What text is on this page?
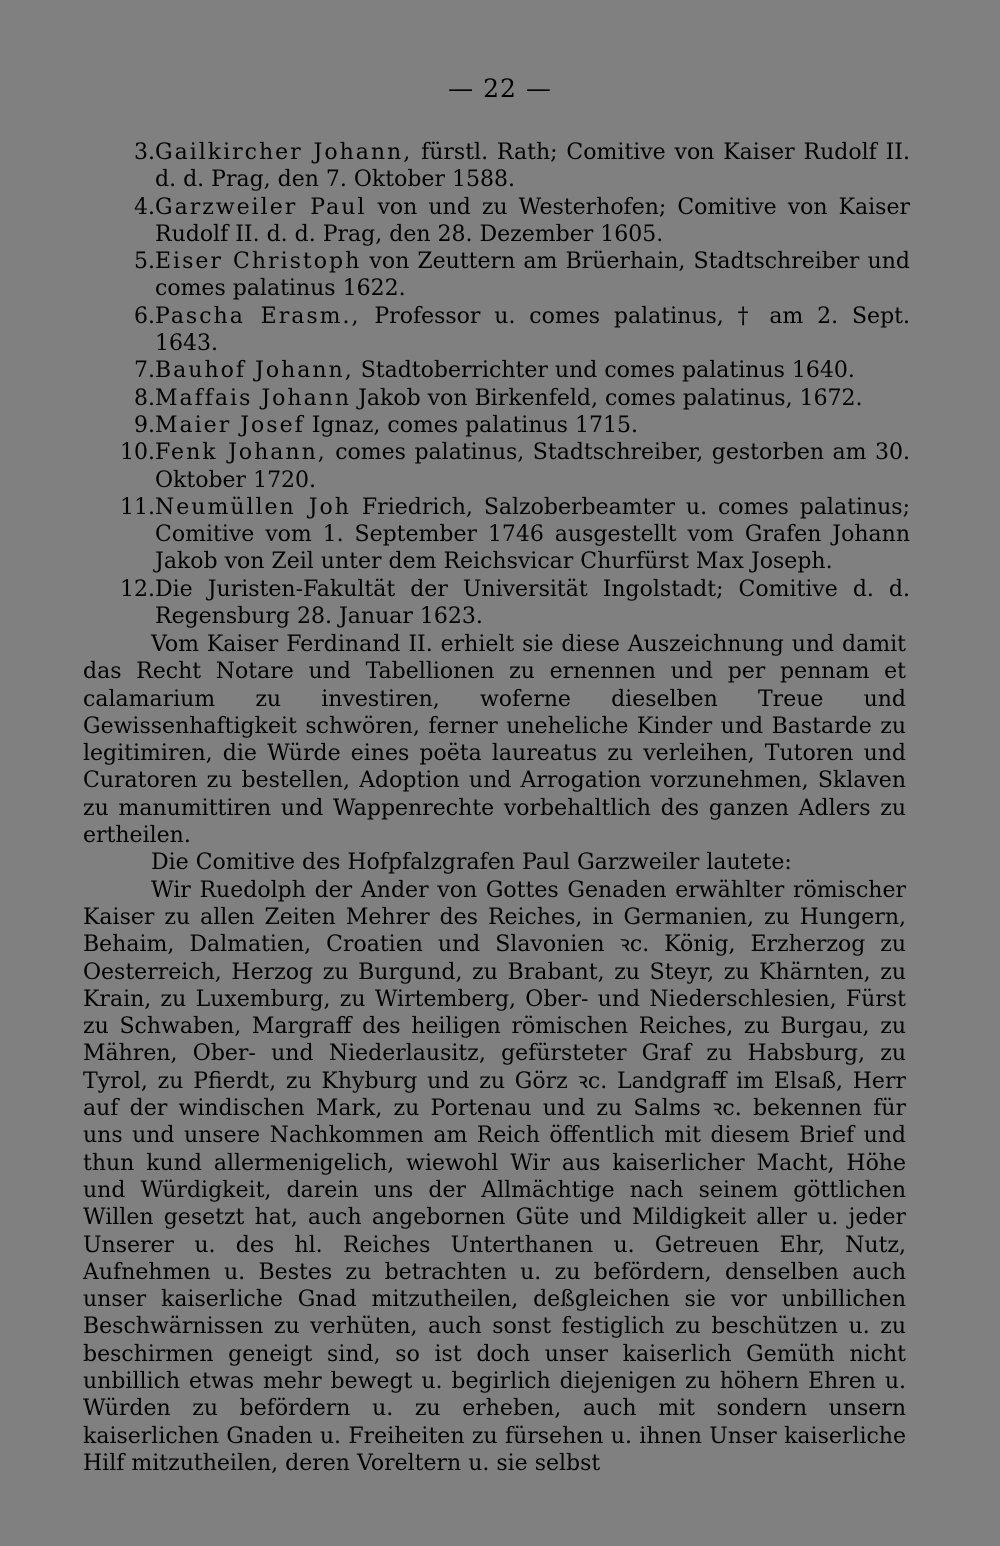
— 22 —
3. Gailkircher Johann, fürstl. Rath; Comitive von Kaiser Rudolf II. d. d. Prag, den 7. Oktober 1588.
4. Garzweiler Paul von und zu Westerhofen; Comitive von Kaiser Rudolf II. d. d. Prag, den 28. Dezember 1605.
5. Eiser Christoph von Zeuttern am Brüerhain, Stadtschreiber und comes palatinus 1622.
6. Pascha Erasm., Professor u. comes palatinus, † am 2. Sept. 1643.
7. Bauhof Johann, Stadtoberrichter und comes palatinus 1640.
8. Maffais Johann Jakob von Birkenfeld, comes palatinus, 1672.
9. Maier Josef Ignaz, comes palatinus 1715.
10. Fenk Johann, comes palatinus, Stadtschreiber, gestorben am 30. Oktober 1720.
11. Neumüllen Joh Friedrich, Salzoberbeamter u. comes palatinus; Comitive vom 1. September 1746 ausgestellt vom Grafen Johann Jakob von Zeil unter dem Reichsvicar Churfürst Max Joseph.
12. Die Juristen-Fakultät der Universität Ingolstadt; Comitive d. d. Regensburg 28. Januar 1623.

Vom Kaiser Ferdinand II. erhielt sie diese Auszeichnung und damit das Recht Notare und Tabellionen zu ernennen und per pennam et calamarium zu investiren, woferne dieselben Treue und Gewissenhaftigkeit schwören, ferner uneheliche Kinder und Bastarde zu legitimiren, die Würde eines poëta laureatus zu verleihen, Tutoren und Curatoren zu bestellen, Adoption und Arrogation vorzunehmen, Sklaven zu manumittiren und Wappenrechte vorbehaltlich des ganzen Adlers zu ertheilen.

Die Comitive des Hofpfalzgrafen Paul Garzweiler lautete:

Wir Ruedolph der Ander von Gottes Genaden erwählter römischer Kaiser zu allen Zeiten Mehrer des Reiches, in Germanien, zu Hungern, Behaim, Dalmatien, Croatien und Slavonien ꝛc. König, Erzherzog zu Oesterreich, Herzog zu Burgund, zu Brabant, zu Steyr, zu Khärnten, zu Krain, zu Luxemburg, zu Wirtemberg, Ober- und Niederschlesien, Fürst zu Schwaben, Margraff des heiligen römischen Reiches, zu Burgau, zu Mähren, Ober- und Niederlausitz, gefürsteter Graf zu Habsburg, zu Tyrol, zu Pfierdt, zu Khyburg und zu Görz ꝛc. Landgraff im Elsaß, Herr auf der windischen Mark, zu Portenau und zu Salms ꝛc. bekennen für uns und unsere Nachkommen am Reich öffentlich mit diesem Brief und thun kund allermenigelich, wiewohl Wir aus kaiserlicher Macht, Höhe und Würdigkeit, darein uns der Allmächtige nach seinem göttlichen Willen gesetzt hat, auch angebornen Güte und Mildigkeit aller u. jeder Unserer u. des hl. Reiches Unterthanen u. Getreuen Ehr, Nutz, Aufnehmen u. Bestes zu betrachten u. zu befördern, denselben auch unser kaiserliche Gnad mitzutheilen, deßgleichen sie vor unbillichen Beschwärnissen zu verhüten, auch sonst festiglich zu beschützen u. zu beschirmen geneigt sind, so ist doch unser kaiserlich Gemüth nicht unbillich etwas mehr bewegt u. begirlich diejenigen zu höhern Ehren u. Würden zu befördern u. zu erheben, auch mit sondern unsern kaiserlichen Gnaden u. Freiheiten zu fürsehen u. ihnen Unser kaiserliche Hilf mitzutheilen, deren Voreltern u. sie selbst
